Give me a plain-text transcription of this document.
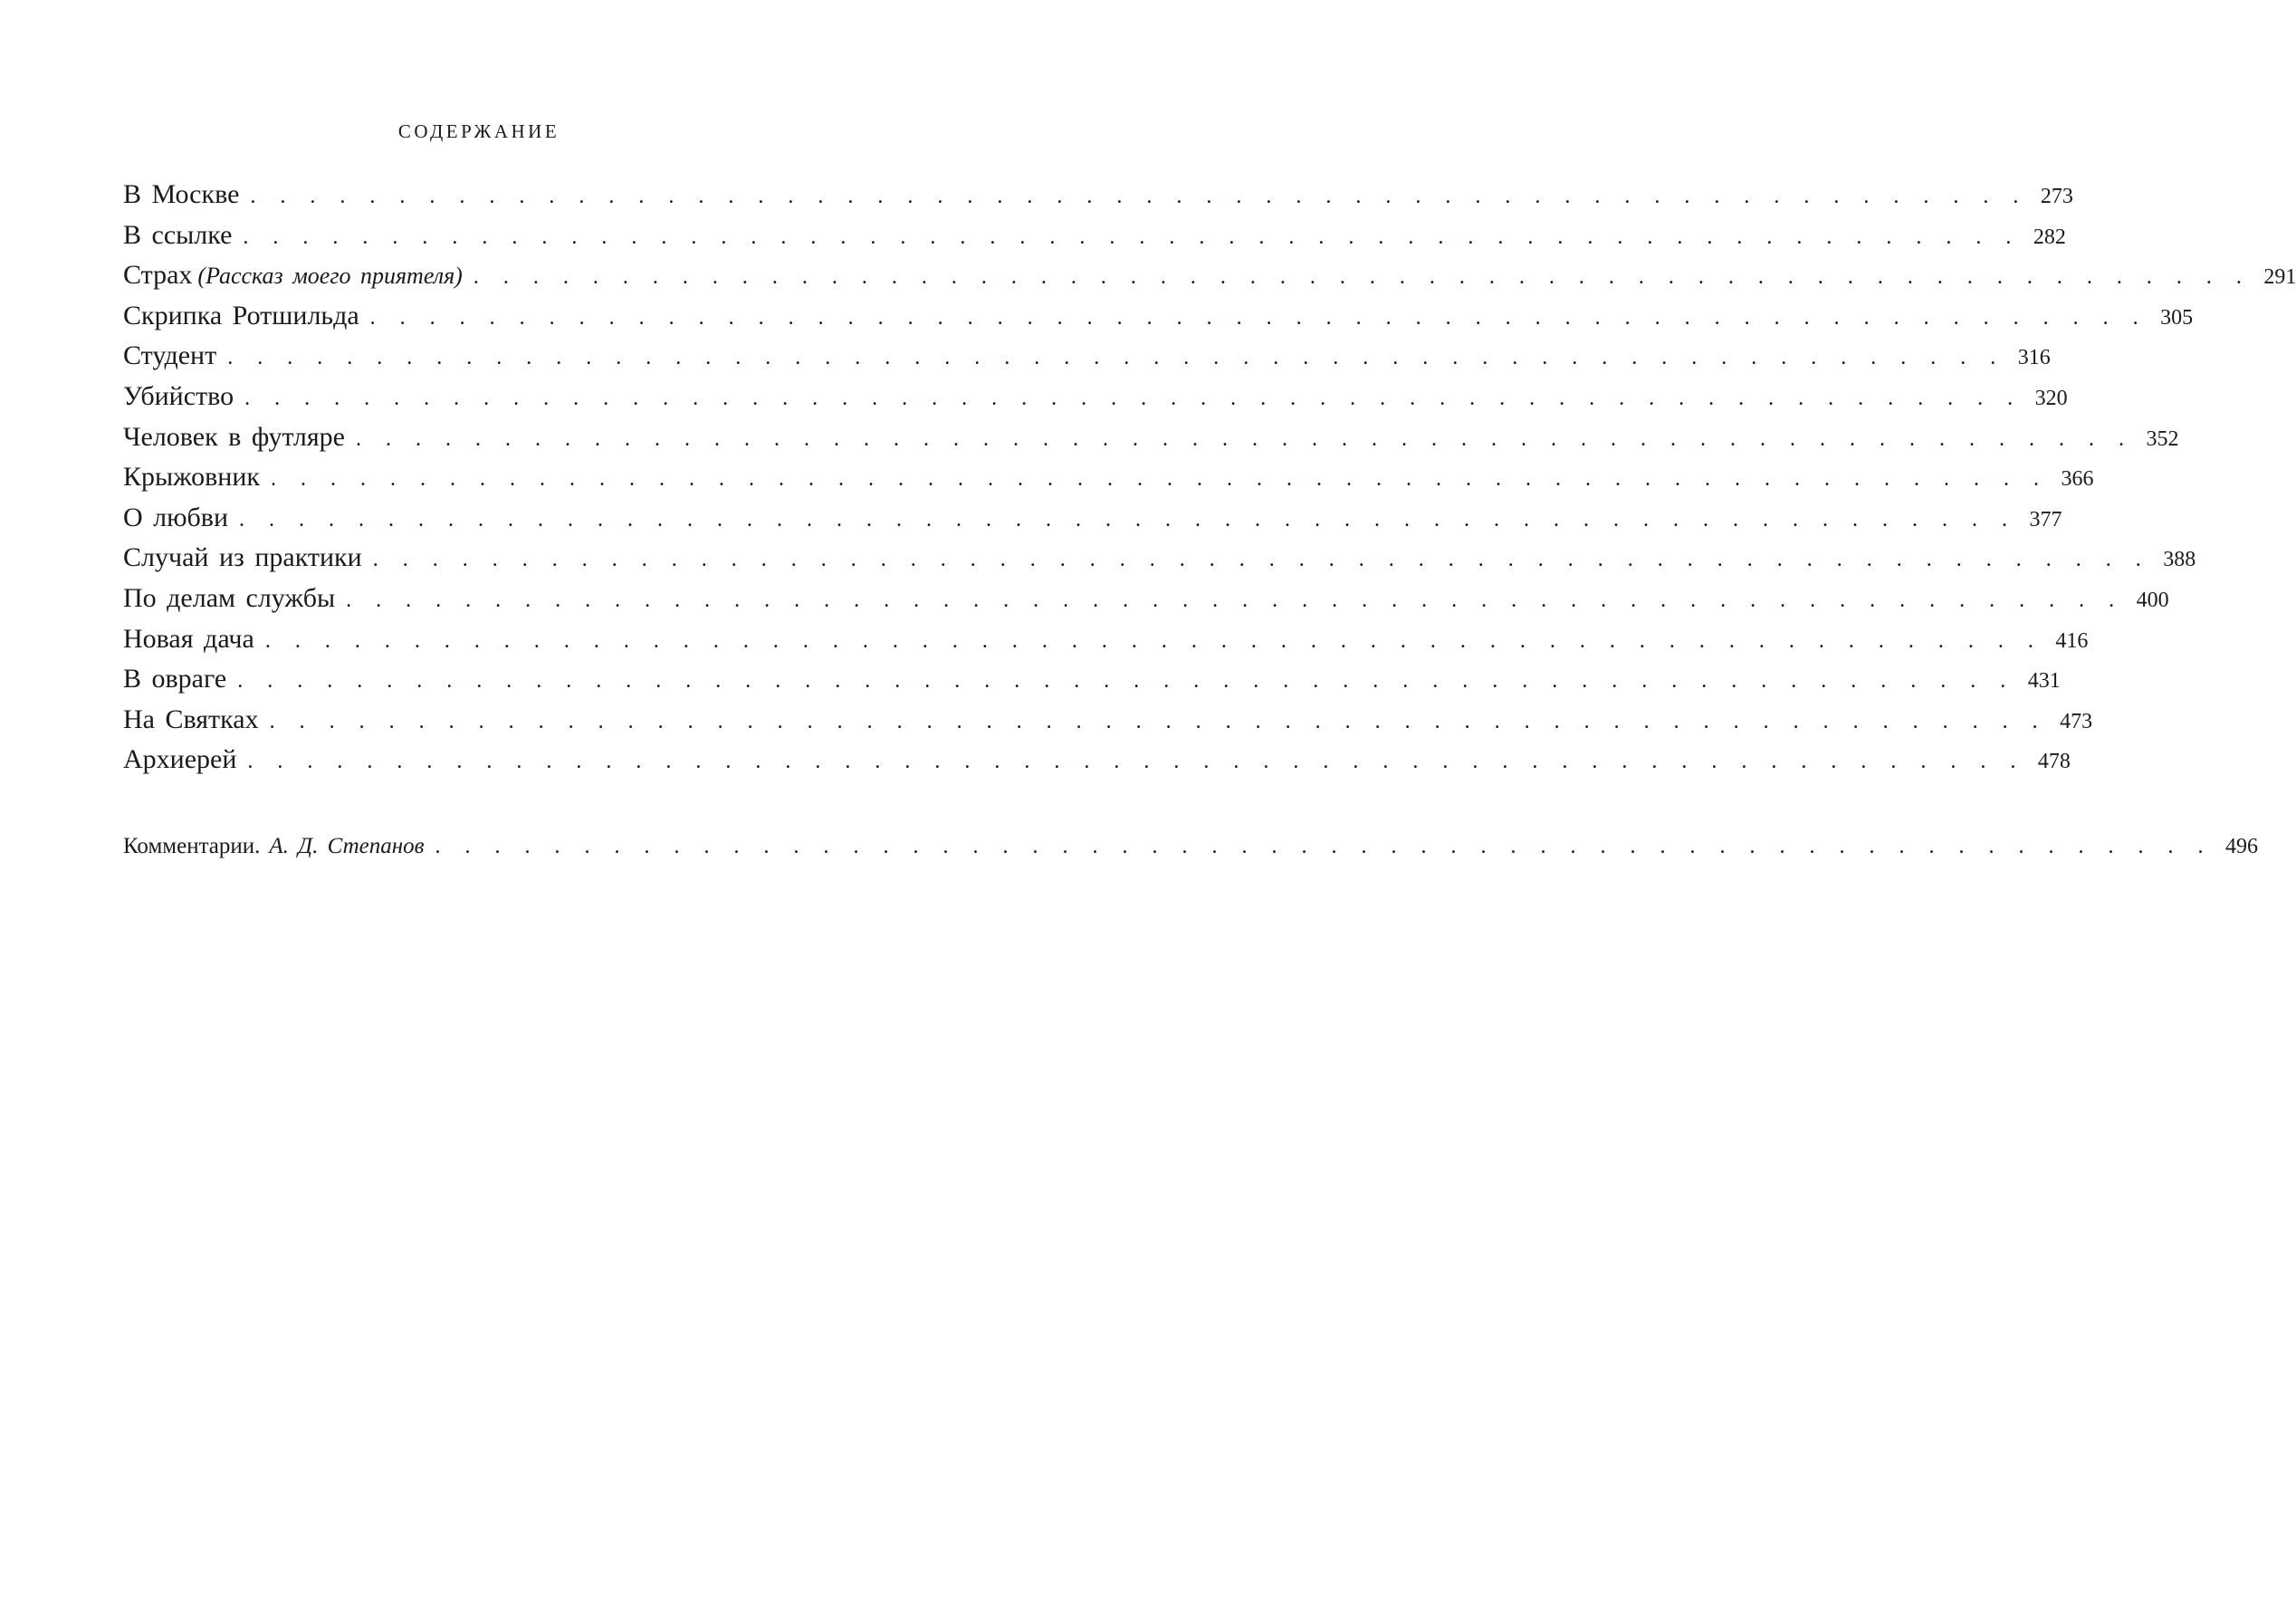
СОДЕРЖАНИЕ
В Москве . . . . . . . . . . . . . . . . . . . . . . . . . . . . . . . . . . . . . . . . . . . . . . . . . . . . . . . . . . . . 273
В ссылке . . . . . . . . . . . . . . . . . . . . . . . . . . . . . . . . . . . . . . . . . . . . . . . . . . . . . . . . . . . . 282
Страх (Рассказ моего приятеля) . . . . . . . . . . . . . . . . . . . . . . . . . . . . . . . . . . . . . . . . . . . . . . . . . . . . . . . . . . . . 291
Скрипка Ротшильда . . . . . . . . . . . . . . . . . . . . . . . . . . . . . . . . . . . . . . . . . . . . . . . . . . . . . . . . . . . . 305
Студент . . . . . . . . . . . . . . . . . . . . . . . . . . . . . . . . . . . . . . . . . . . . . . . . . . . . . . . . . . . . 316
Убийство . . . . . . . . . . . . . . . . . . . . . . . . . . . . . . . . . . . . . . . . . . . . . . . . . . . . . . . . . . . . 320
Человек в футляре . . . . . . . . . . . . . . . . . . . . . . . . . . . . . . . . . . . . . . . . . . . . . . . . . . . . . . . . . . . . 352
Крыжовник . . . . . . . . . . . . . . . . . . . . . . . . . . . . . . . . . . . . . . . . . . . . . . . . . . . . . . . . . . . . 366
О любви . . . . . . . . . . . . . . . . . . . . . . . . . . . . . . . . . . . . . . . . . . . . . . . . . . . . . . . . . . . . 377
Случай из практики . . . . . . . . . . . . . . . . . . . . . . . . . . . . . . . . . . . . . . . . . . . . . . . . . . . . . . . . . . . . 388
По делам службы . . . . . . . . . . . . . . . . . . . . . . . . . . . . . . . . . . . . . . . . . . . . . . . . . . . . . . . . . . . . 400
Новая дача . . . . . . . . . . . . . . . . . . . . . . . . . . . . . . . . . . . . . . . . . . . . . . . . . . . . . . . . . . . . 416
В овраге . . . . . . . . . . . . . . . . . . . . . . . . . . . . . . . . . . . . . . . . . . . . . . . . . . . . . . . . . . . . 431
На Святках . . . . . . . . . . . . . . . . . . . . . . . . . . . . . . . . . . . . . . . . . . . . . . . . . . . . . . . . . . . . 473
Архиерей . . . . . . . . . . . . . . . . . . . . . . . . . . . . . . . . . . . . . . . . . . . . . . . . . . . . . . . . . . . . 478
Комментарии. А. Д. Степанов . . . . . . . . . . . . . . . . . . . . . . . . . . . . . . . . . . . . . . . . . . . . . . . . . . . . . . . . . . . . 496
